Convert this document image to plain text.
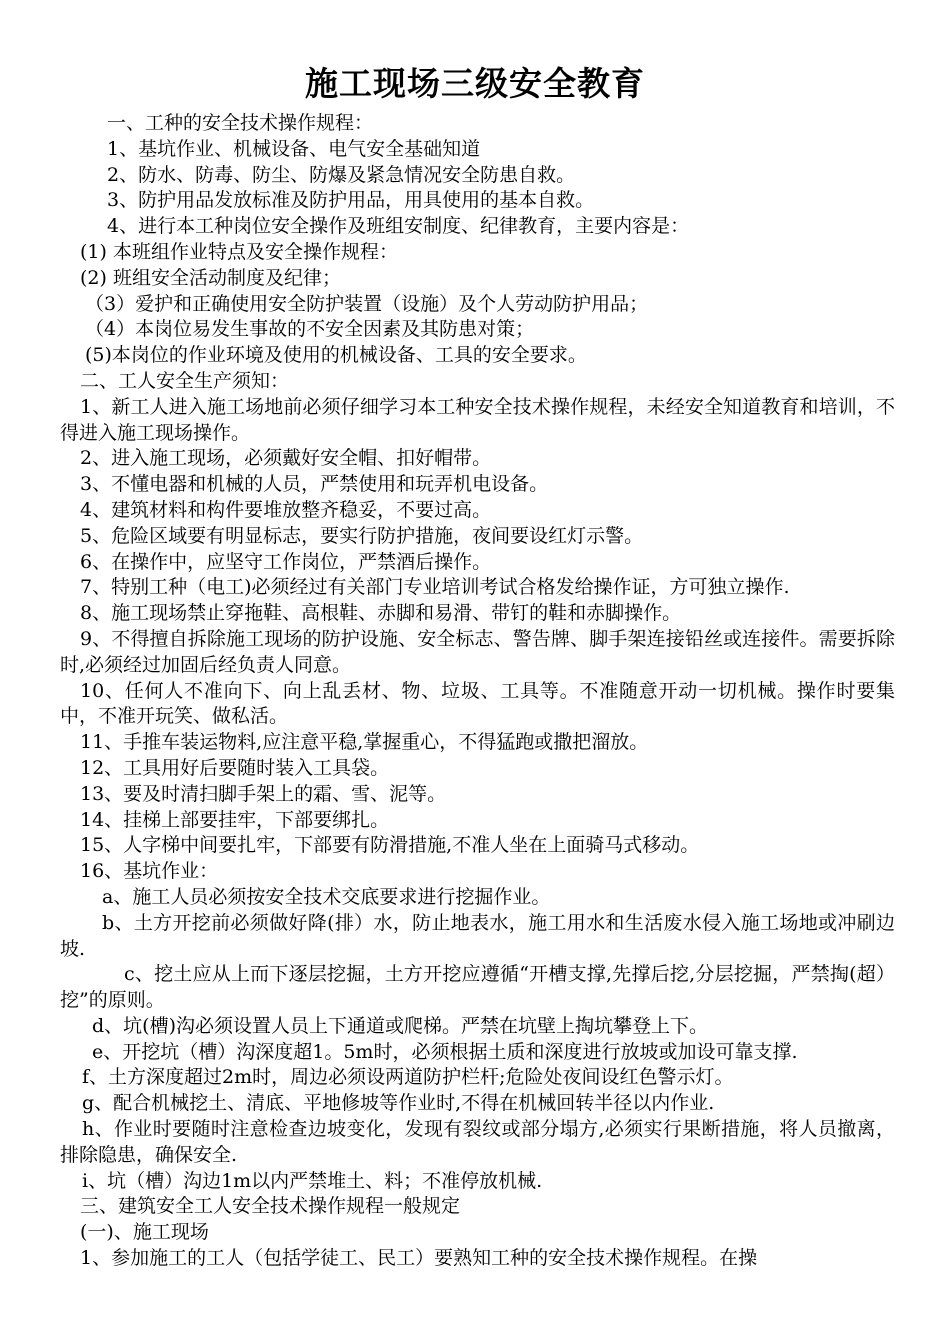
施工现场三级安全教育

一、工种的安全技术操作规程：

1、基坑作业、机械设备、电气安全基础知道

2、防水、防毒、防尘、防爆及紧急情况安全防患自救。

3、防护用品发放标准及防护用品，用具使用的基本自救。

4、进行本工种岗位安全操作及班组安制度、纪律教育，主要内容是：

(1) 本班组作业特点及安全操作规程：

(2) 班组安全活动制度及纪律；

（3）爱护和正确使用安全防护装置（设施）及个人劳动防护用品；

（4）本岗位易发生事故的不安全因素及其防患对策；

(5)本岗位的作业环境及使用的机械设备、工具的安全要求。

二、工人安全生产须知：

1、新工人进入施工场地前必须仔细学习本工种安全技术操作规程，未经安全知道教育和培训，不得进入施工现场操作。

2、进入施工现场，必须戴好安全帽、扣好帽带。

3、不懂电器和机械的人员，严禁使用和玩弄机电设备。

4、建筑材料和构件要堆放整齐稳妥，不要过高。

5、危险区域要有明显标志，要实行防护措施，夜间要设红灯示警。

6、在操作中，应坚守工作岗位，严禁酒后操作。

7、特别工种（电工)必须经过有关部门专业培训考试合格发给操作证，方可独立操作.

8、施工现场禁止穿拖鞋、高根鞋、赤脚和易滑、带钉的鞋和赤脚操作。

9、不得擅自拆除施工现场的防护设施、安全标志、警告牌、脚手架连接铅丝或连接件。需要拆除时,必须经过加固后经负责人同意。

10、任何人不准向下、向上乱丢材、物、垃圾、工具等。不准随意开动一切机械。操作时要集中，不准开玩笑、做私活。

11、手推车装运物料,应注意平稳,掌握重心，不得猛跑或撒把溜放。

12、工具用好后要随时装入工具袋。

13、要及时清扫脚手架上的霜、雪、泥等。

14、挂梯上部要挂牢，下部要绑扎。

15、人字梯中间要扎牢，下部要有防滑措施,不准人坐在上面骑马式移动。

16、基坑作业：

a、施工人员必须按安全技术交底要求进行挖掘作业。

b、土方开挖前必须做好降(排）水，防止地表水，施工用水和生活废水侵入施工场地或冲刷边坡.

c、挖土应从上而下逐层挖掘，土方开挖应遵循“开槽支撑,先撑后挖,分层挖掘，严禁掏(超）挖”的原则。

d、坑(槽)沟必须设置人员上下通道或爬梯。严禁在坑壁上掏坑攀登上下。

e、开挖坑（槽）沟深度超1。5m时，必须根据土质和深度进行放坡或加设可靠支撑.

f、土方深度超过2m时，周边必须设两道防护栏杆;危险处夜间设红色警示灯。

g、配合机械挖土、清底、平地修坡等作业时,不得在机械回转半径以内作业.

h、作业时要随时注意检查边坡变化，发现有裂纹或部分塌方,必须实行果断措施，将人员撤离，排除隐患，确保安全.

i、坑（槽）沟边1m以内严禁堆土、料；不准停放机械.

三、建筑安全工人安全技术操作规程一般规定

(一)、施工现场

1、参加施工的工人（包括学徒工、民工）要熟知工种的安全技术操作规程。在操
